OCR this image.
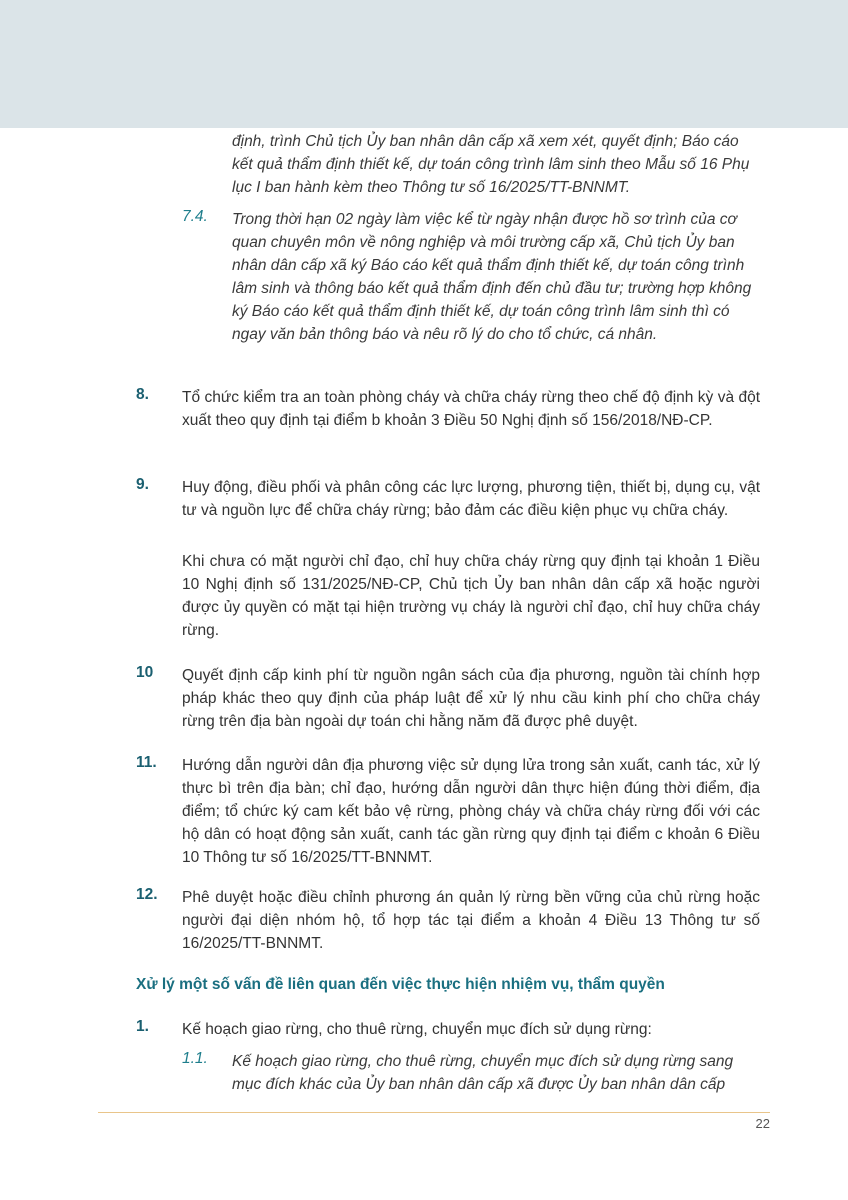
định, trình Chủ tịch Ủy ban nhân dân cấp xã xem xét, quyết định; Báo cáo kết quả thẩm định thiết kế, dự toán công trình lâm sinh theo Mẫu số 16 Phụ lục I ban hành kèm theo Thông tư số 16/2025/TT-BNNMT.

7.4. Trong thời hạn 02 ngày làm việc kể từ ngày nhận được hồ sơ trình của cơ quan chuyên môn về nông nghiệp và môi trường cấp xã, Chủ tịch Ủy ban nhân dân cấp xã ký Báo cáo kết quả thẩm định thiết kế, dự toán công trình lâm sinh và thông báo kết quả thẩm định đến chủ đầu tư; trường hợp không ký Báo cáo kết quả thẩm định thiết kế, dự toán công trình lâm sinh thì có ngay văn bản thông báo và nêu rõ lý do cho tổ chức, cá nhân.

8. Tổ chức kiểm tra an toàn phòng cháy và chữa cháy rừng theo chế độ định kỳ và đột xuất theo quy định tại điểm b khoản 3 Điều 50 Nghị định số 156/2018/NĐ-CP.

9. Huy động, điều phối và phân công các lực lượng, phương tiện, thiết bị, dụng cụ, vật tư và nguồn lực để chữa cháy rừng; bảo đảm các điều kiện phục vụ chữa cháy.

Khi chưa có mặt người chỉ đạo, chỉ huy chữa cháy rừng quy định tại khoản 1 Điều 10 Nghị định số 131/2025/NĐ-CP, Chủ tịch Ủy ban nhân dân cấp xã hoặc người được ủy quyền có mặt tại hiện trường vụ cháy là người chỉ đạo, chỉ huy chữa cháy rừng.

10 Quyết định cấp kinh phí từ nguồn ngân sách của địa phương, nguồn tài chính hợp pháp khác theo quy định của pháp luật để xử lý nhu cầu kinh phí cho chữa cháy rừng trên địa bàn ngoài dự toán chi hằng năm đã được phê duyệt.

11. Hướng dẫn người dân địa phương việc sử dụng lửa trong sản xuất, canh tác, xử lý thực bì trên địa bàn; chỉ đạo, hướng dẫn người dân thực hiện đúng thời điểm, địa điểm; tổ chức ký cam kết bảo vệ rừng, phòng cháy và chữa cháy rừng đối với các hộ dân có hoạt động sản xuất, canh tác gần rừng quy định tại điểm c khoản 6 Điều 10 Thông tư số 16/2025/TT-BNNMT.

12. Phê duyệt hoặc điều chỉnh phương án quản lý rừng bền vững của chủ rừng hoặc người đại diện nhóm hộ, tổ hợp tác tại điểm a khoản 4 Điều 13 Thông tư số 16/2025/TT-BNNMT.

Xử lý một số vấn đề liên quan đến việc thực hiện nhiệm vụ, thẩm quyền

1. Kế hoạch giao rừng, cho thuê rừng, chuyển mục đích sử dụng rừng:

1.1. Kế hoạch giao rừng, cho thuê rừng, chuyển mục đích sử dụng rừng sang mục đích khác của Ủy ban nhân dân cấp xã được Ủy ban nhân dân cấp

22
